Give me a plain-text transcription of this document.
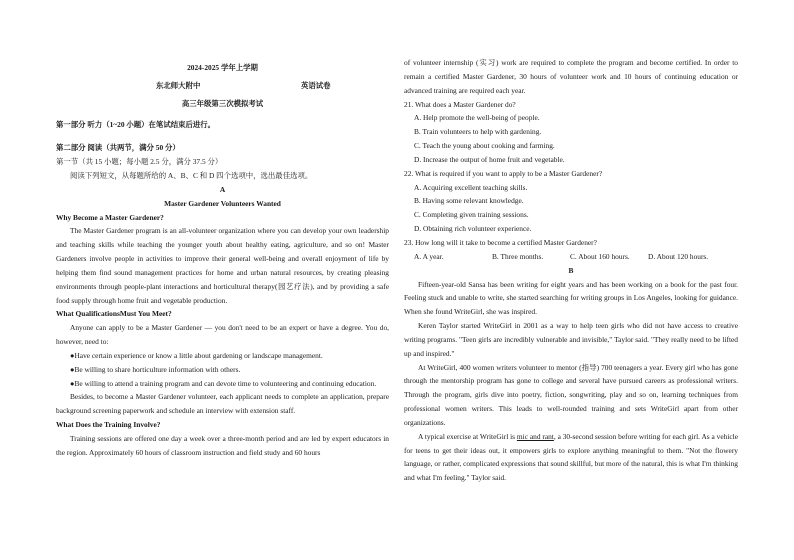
2024-2025 学年上学期
东北师大附中	英语试卷
高三年级第三次模拟考试
第一部分 听力（1~20 小题）在笔试结束后进行。
第二部分 阅读（共两节，满分 50 分）
第一节（共 15 小题；每小题 2.5 分，满分 37.5 分）
阅读下列短文，从每题所给的 A、B、C 和 D 四个选项中，选出最佳选项。
A
Master Gardener Volunteers Wanted
Why Become a Master Gardener?
The Master Gardener program is an all-volunteer organization where you can develop your own leadership and teaching skills while teaching the younger youth about healthy eating, agriculture, and so on! Master Gardeners involve people in activities to improve their general well-being and overall enjoyment of life by helping them find sound management practices for home and urban natural resources, by creating pleasing environments through people-plant interactions and horticultural therapy(园艺疗法), and by providing a safe food supply through home fruit and vegetable production.
What QualificationsMust You Meet?
Anyone can apply to be a Master Gardener — you don't need to be an expert or have a degree. You do, however, need to:
●Have certain experience or know a little about gardening or landscape management.
●Be willing to share horticulture information with others.
●Be willing to attend a training program and can devote time to volunteering and continuing education.
Besides, to become a Master Gardener volunteer, each applicant needs to complete an application, prepare background screening paperwork and schedule an interview with extension staff.
What Does the Training Involve?
Training sessions are offered one day a week over a three-month period and are led by expert educators in the region. Approximately 60 hours of classroom instruction and field study and 60 hours
of volunteer internship (实习) work are required to complete the program and become certified. In order to remain a certified Master Gardener, 30 hours of volunteer work and 10 hours of continuing education or advanced training are required each year.
21. What does a Master Gardener do?
A. Help promote the well-being of people.
B. Train volunteers to help with gardening.
C. Teach the young about cooking and farming.
D. Increase the output of home fruit and vegetable.
22. What is required if you want to apply to be a Master Gardener?
A. Acquiring excellent teaching skills.
B. Having some relevant knowledge.
C. Completing given training sessions.
D. Obtaining rich volunteer experience.
23. How long will it take to become a certified Master Gardener?
A. A year.	B. Three months.	C. About 160 hours.	D. About 120 hours.
B
Fifteen-year-old Sansa has been writing for eight years and has been working on a book for the past four. Feeling stuck and unable to write, she started searching for writing groups in Los Angeles, looking for guidance. When she found WriteGirl, she was inspired.
Keren Taylor started WriteGirl in 2001 as a way to help teen girls who did not have access to creative writing programs. "Teen girls are incredibly vulnerable and invisible," Taylor said. "They really need to be lifted up and inspired."
At WriteGirl, 400 women writers volunteer to mentor (指导) 700 teenagers a year. Every girl who has gone through the mentorship program has gone to college and several have pursued careers as professional writers. Through the program, girls dive into poetry, fiction, songwriting, play and so on, learning techniques from professional women writers. This leads to well-rounded training and sets WriteGirl apart from other organizations.
A typical exercise at WriteGirl is mic and rant, a 30-second session before writing for each girl. As a vehicle for teens to get their ideas out, it empowers girls to explore anything meaningful to them. "Not the flowery language, or rather, complicated expressions that sound skillful, but more of the natural, this is what I'm thinking and what I'm feeling." Taylor said.
